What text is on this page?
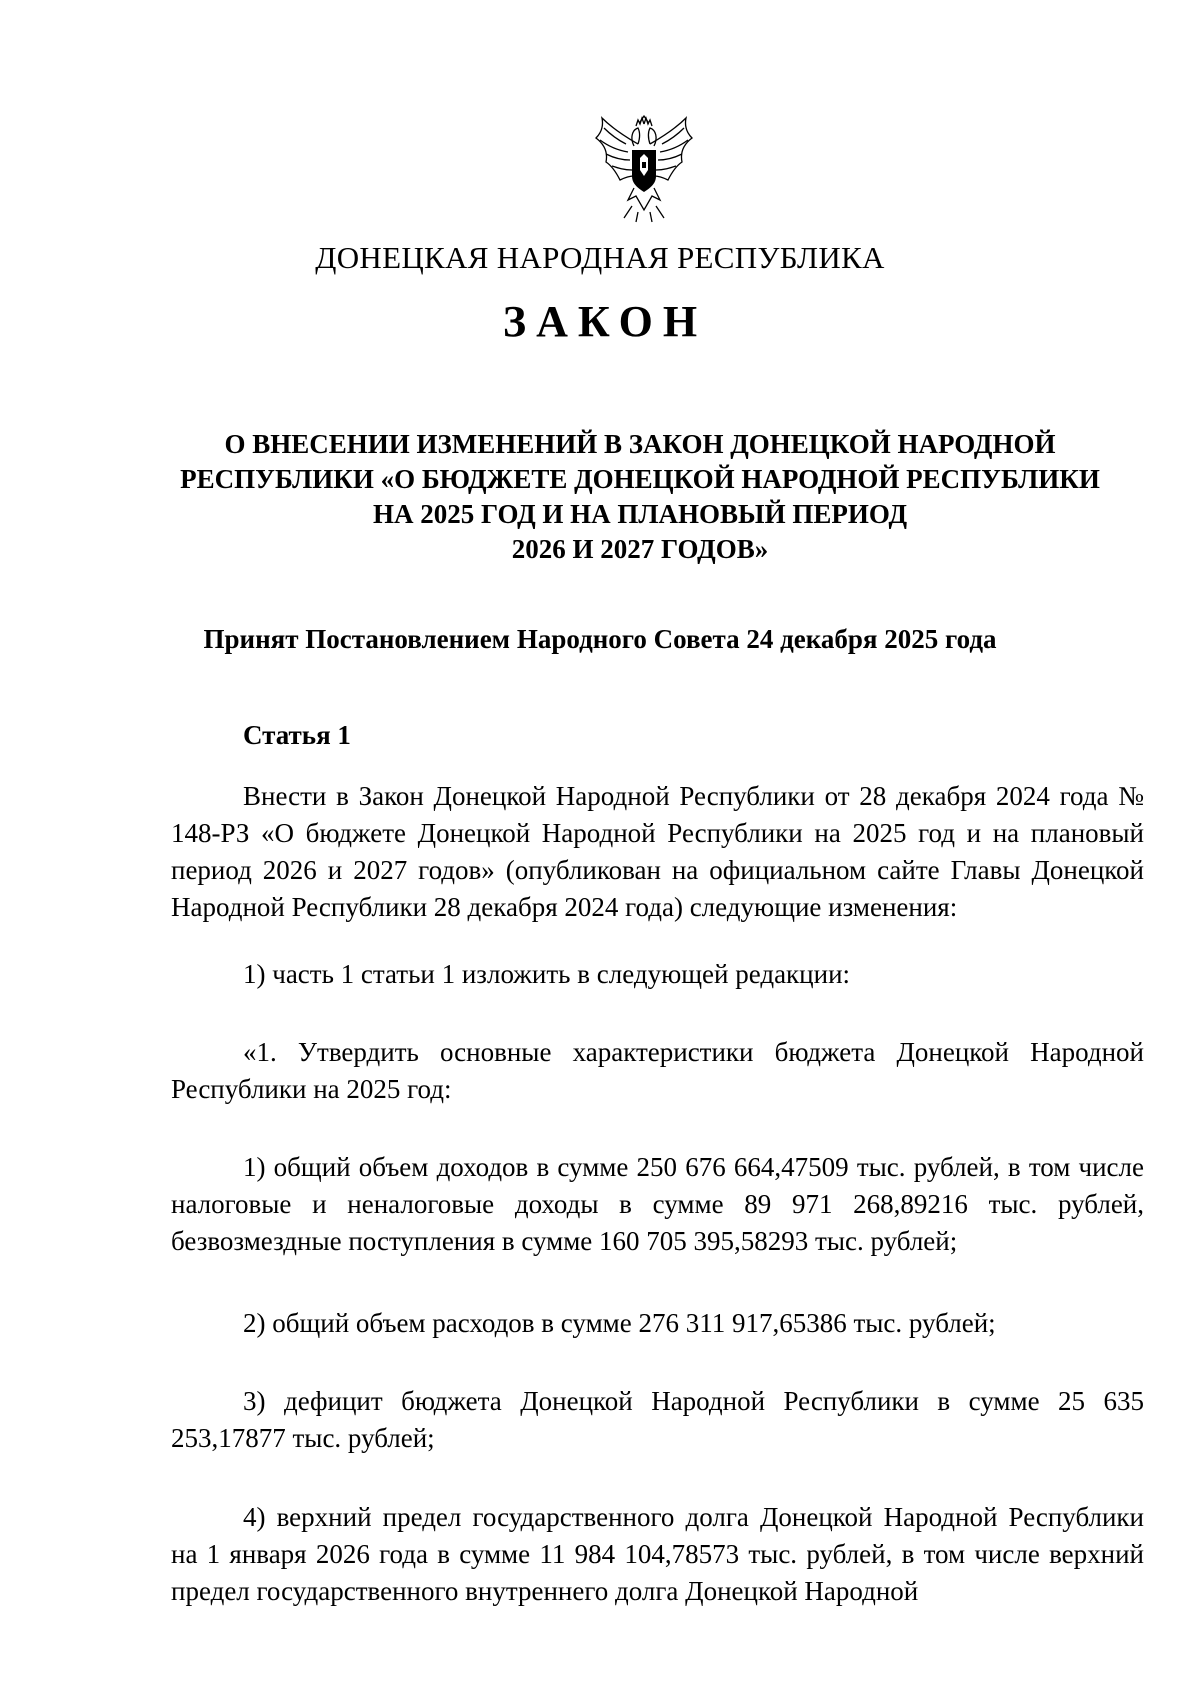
ДОНЕЦКАЯ НАРОДНАЯ РЕСПУБЛИКА
ЗАКОН
О ВНЕСЕНИИ ИЗМЕНЕНИЙ В ЗАКОН ДОНЕЦКОЙ НАРОДНОЙ
РЕСПУБЛИКИ «О БЮДЖЕТЕ ДОНЕЦКОЙ НАРОДНОЙ РЕСПУБЛИКИ
НА 2025 ГОД И НА ПЛАНОВЫЙ ПЕРИОД
2026 И 2027 ГОДОВ»
Принят Постановлением Народного Совета 24 декабря 2025 года
Статья 1

Внести в Закон Донецкой Народной Республики от 28 декабря 2024 года № 148-РЗ «О бюджете Донецкой Народной Республики на 2025 год и на плановый период 2026 и 2027 годов» (опубликован на официальном сайте Главы Донецкой Народной Республики 28 декабря 2024 года) следующие изменения:

1) часть 1 статьи 1 изложить в следующей редакции:

«1. Утвердить основные характеристики бюджета Донецкой Народной Республики на 2025 год:

1) общий объем доходов в сумме 250 676 664,47509 тыс. рублей, в том числе налоговые и неналоговые доходы в сумме 89 971 268,89216 тыс. рублей, безвозмездные поступления в сумме 160 705 395,58293 тыс. рублей;

2) общий объем расходов в сумме 276 311 917,65386 тыс. рублей;

3) дефицит бюджета Донецкой Народной Республики в сумме 25 635 253,17877 тыс. рублей;

4) верхний предел государственного долга Донецкой Народной Республики на 1 января 2026 года в сумме 11 984 104,78573 тыс. рублей, в том числе верхний предел государственного внутреннего долга Донецкой Народной
